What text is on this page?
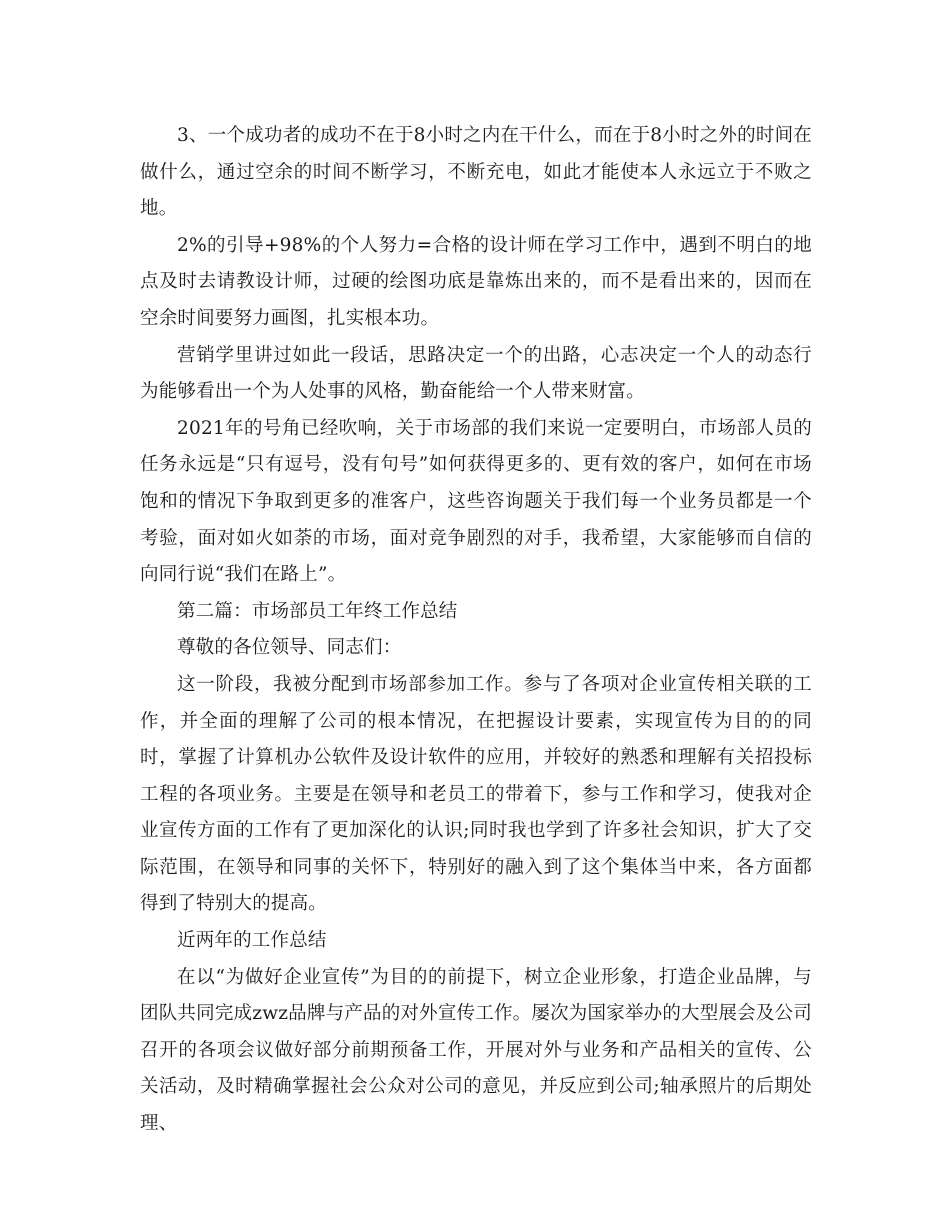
3、一个成功者的成功不在于8小时之内在干什么，而在于8小时之外的时间在做什么，通过空余的时间不断学习，不断充电，如此才能使本人永远立于不败之地。

2%的引导+98%的个人努力=合格的设计师在学习工作中，遇到不明白的地点及时去请教设计师，过硬的绘图功底是靠炼出来的，而不是看出来的，因而在空余时间要努力画图，扎实根本功。

营销学里讲过如此一段话，思路决定一个的出路，心志决定一个人的动态行为能够看出一个为人处事的风格，勤奋能给一个人带来财富。

2021年的号角已经吹响，关于市场部的我们来说一定要明白，市场部人员的任务永远是“只有逗号，没有句号”如何获得更多的、更有效的客户，如何在市场饱和的情况下争取到更多的准客户，这些咨询题关于我们每一个业务员都是一个考验，面对如火如荼的市场，面对竞争剧烈的对手，我希望，大家能够而自信的向同行说“我们在路上”。

第二篇：市场部员工年终工作总结

尊敬的各位领导、同志们：

这一阶段，我被分配到市场部参加工作。参与了各项对企业宣传相关联的工作，并全面的理解了公司的根本情况，在把握设计要素，实现宣传为目的的同时，掌握了计算机办公软件及设计软件的应用，并较好的熟悉和理解有关招投标工程的各项业务。主要是在领导和老员工的带着下，参与工作和学习，使我对企业宣传方面的工作有了更加深化的认识;同时我也学到了许多社会知识，扩大了交际范围，在领导和同事的关怀下，特别好的融入到了这个集体当中来，各方面都得到了特别大的提高。

近两年的工作总结

在以“为做好企业宣传”为目的的前提下，树立企业形象，打造企业品牌，与团队共同完成zwz品牌与产品的对外宣传工作。屡次为国家举办的大型展会及公司召开的各项会议做好部分前期预备工作，开展对外与业务和产品相关的宣传、公关活动，及时精确掌握社会公众对公司的意见，并反应到公司;轴承照片的后期处理、
